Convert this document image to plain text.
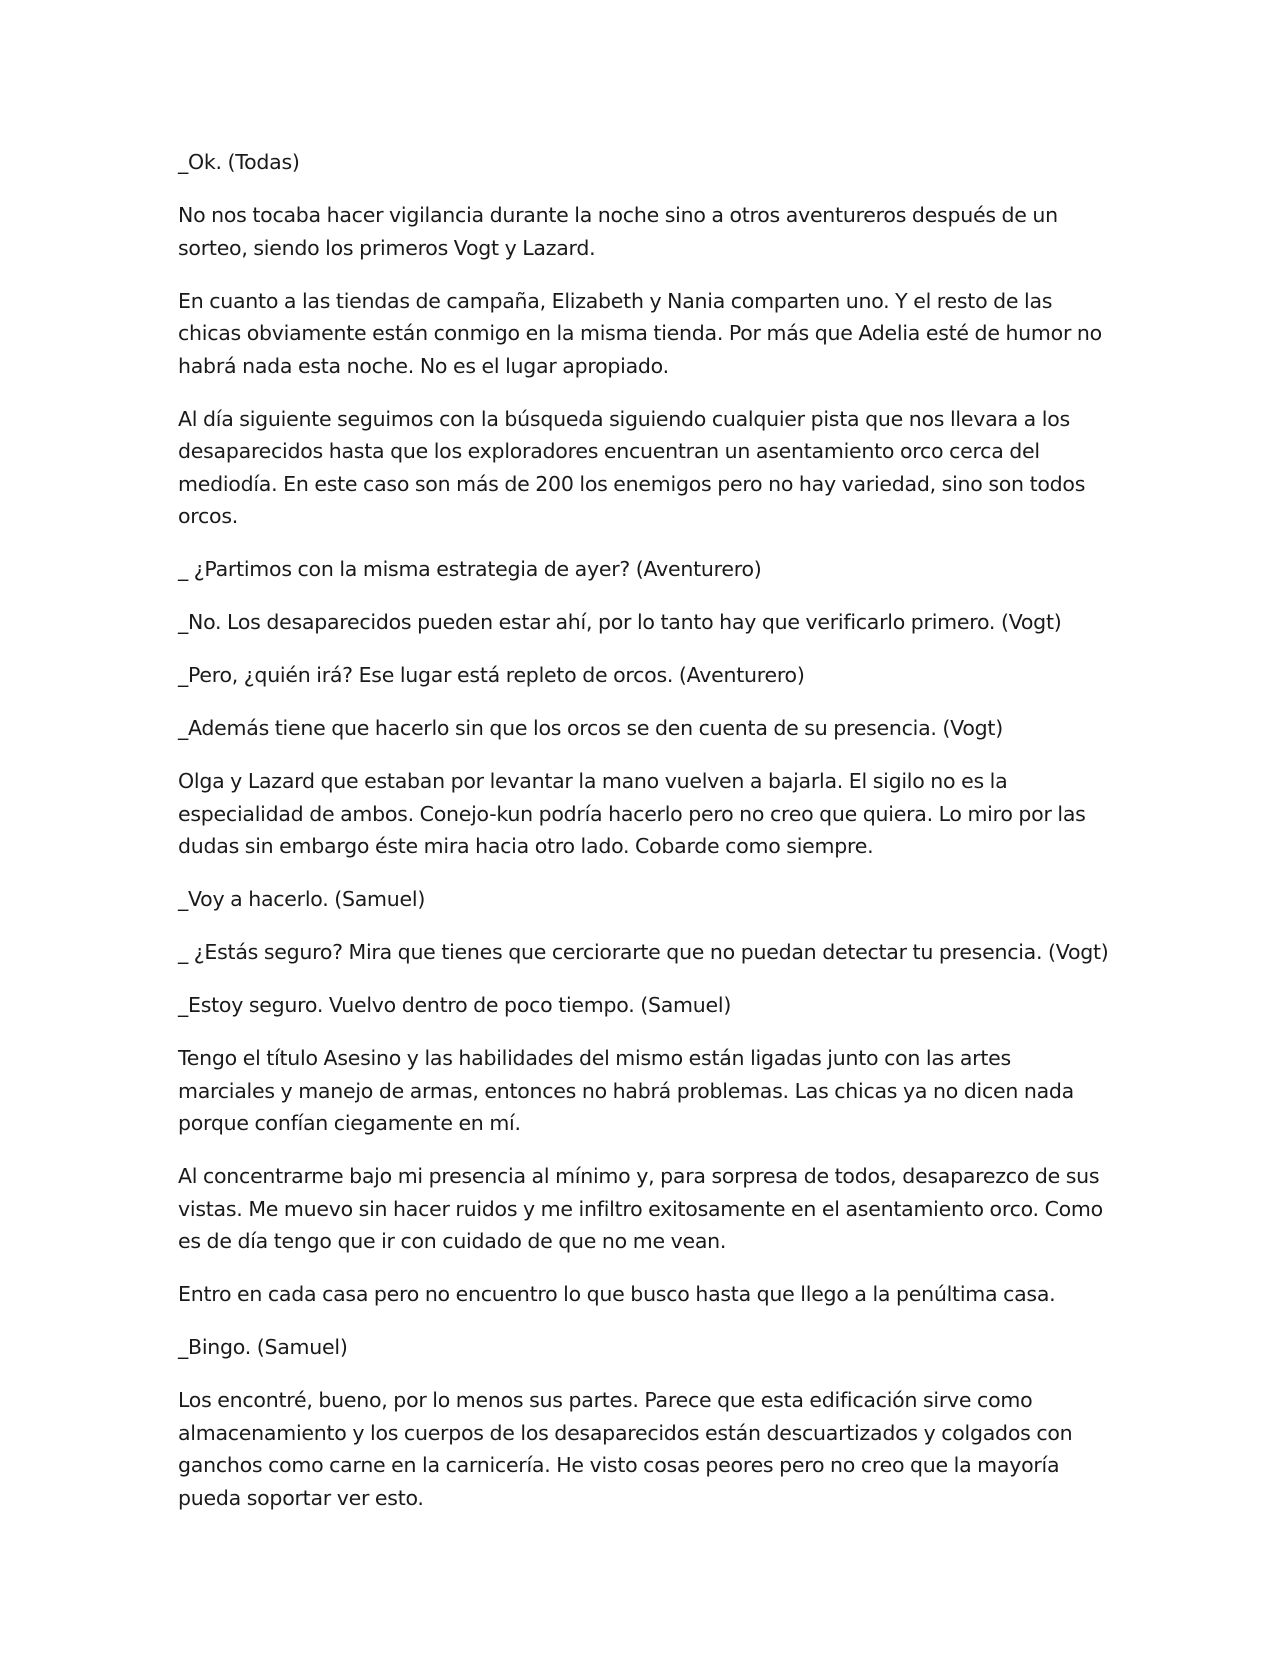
_Ok. (Todas)

No nos tocaba hacer vigilancia durante la noche sino a otros aventureros después de un sorteo, siendo los primeros Vogt y Lazard.

En cuanto a las tiendas de campaña, Elizabeth y Nania comparten uno. Y el resto de las chicas obviamente están conmigo en la misma tienda. Por más que Adelia esté de humor no habrá nada esta noche. No es el lugar apropiado.

Al día siguiente seguimos con la búsqueda siguiendo cualquier pista que nos llevara a los desaparecidos hasta que los exploradores encuentran un asentamiento orco cerca del mediodía. En este caso son más de 200 los enemigos pero no hay variedad, sino son todos orcos.

_ ¿Partimos con la misma estrategia de ayer? (Aventurero)

_No. Los desaparecidos pueden estar ahí, por lo tanto hay que verificarlo primero. (Vogt)

_Pero, ¿quién irá? Ese lugar está repleto de orcos. (Aventurero)

_Además tiene que hacerlo sin que los orcos se den cuenta de su presencia. (Vogt)

Olga y Lazard que estaban por levantar la mano vuelven a bajarla. El sigilo no es la especialidad de ambos. Conejo-kun podría hacerlo pero no creo que quiera. Lo miro por las dudas sin embargo éste mira hacia otro lado. Cobarde como siempre.

_Voy a hacerlo. (Samuel)

_ ¿Estás seguro? Mira que tienes que cerciorarte que no puedan detectar tu presencia. (Vogt)

_Estoy seguro. Vuelvo dentro de poco tiempo. (Samuel)

Tengo el título Asesino y las habilidades del mismo están ligadas junto con las artes marciales y manejo de armas, entonces no habrá problemas. Las chicas ya no dicen nada porque confían ciegamente en mí.

Al concentrarme bajo mi presencia al mínimo y, para sorpresa de todos, desaparezco de sus vistas. Me muevo sin hacer ruidos y me infiltro exitosamente en el asentamiento orco. Como es de día tengo que ir con cuidado de que no me vean.

Entro en cada casa pero no encuentro lo que busco hasta que llego a la penúltima casa.

_Bingo. (Samuel)

Los encontré, bueno, por lo menos sus partes. Parece que esta edificación sirve como almacenamiento y los cuerpos de los desaparecidos están descuartizados y colgados con ganchos como carne en la carnicería. He visto cosas peores pero no creo que la mayoría pueda soportar ver esto.
